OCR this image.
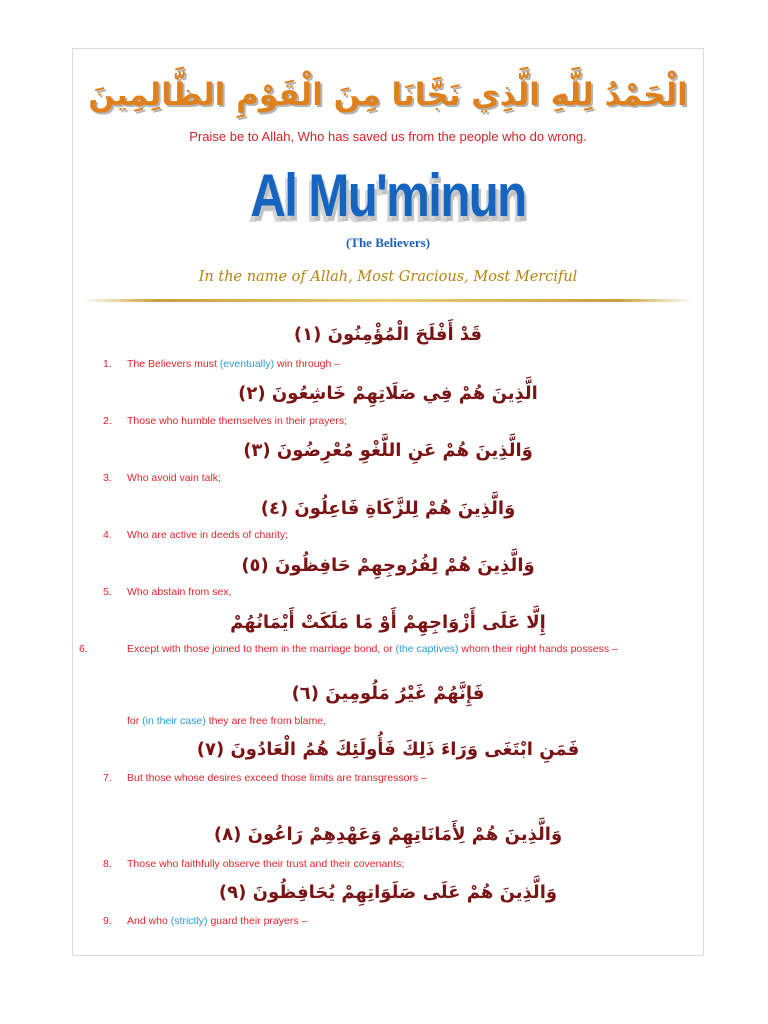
الْحَمْدُ لِلَّهِ الَّذِي نَجَّانَا مِنَ الْقَوْمِ الظَّالِمِينَ
Praise be to Allah, Who has saved us from the people who do wrong.
Al Mu'minun
(The Believers)
In the name of Allah, Most Gracious, Most Merciful
قَدْ أَفْلَحَ الْمُؤْمِنُونَ (١)
1. The Believers must (eventually) win through –
الَّذِينَ هُمْ فِي صَلَاتِهِمْ خَاشِعُونَ (٢)
2. Those who humble themselves in their prayers;
وَالَّذِينَ هُمْ عَنِ اللَّغْوِ مُعْرِضُونَ (٣)
3. Who avoid vain talk;
وَالَّذِينَ هُمْ لِلزَّكَاةِ فَاعِلُونَ (٤)
4. Who are active in deeds of charity;
وَالَّذِينَ هُمْ لِفُرُوجِهِمْ حَافِظُونَ (٥)
5. Who abstain from sex,
إِلَّا عَلَى أَزْوَاجِهِمْ أَوْ مَا مَلَكَتْ أَيْمَانُهُمْ
6.	Except with those joined to them in the marriage bond, or (the captives) whom their right hands possess –
فَإِنَّهُمْ غَيْرُ مَلُومِينَ (٦)
for (in their case) they are free from blame,
فَمَنِ ابْتَغَى وَرَاءَ ذَلِكَ فَأُولَئِكَ هُمُ الْعَادُونَ (٧)
7. But those whose desires exceed those limits are transgressors –
وَالَّذِينَ هُمْ لِأَمَانَاتِهِمْ وَعَهْدِهِمْ رَاعُونَ (٨)
8. Those who faithfully observe their trust and their covenants;
وَالَّذِينَ هُمْ عَلَى صَلَوَاتِهِمْ يُحَافِظُونَ (٩)
9. And who (strictly) guard their prayers –
